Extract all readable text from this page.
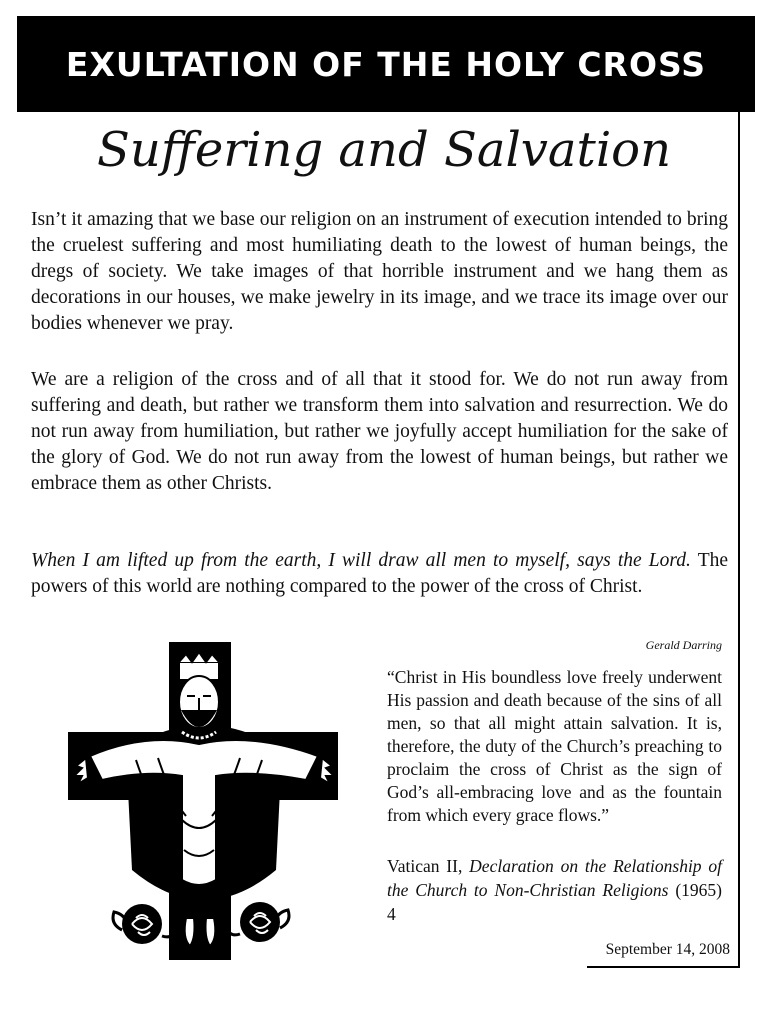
EXULTATION OF THE HOLY CROSS
Suffering and Salvation

Isn’t it amazing that we base our religion on an instrument of execution intended to bring the cruelest suffering and most humiliating death to the lowest of human beings, the dregs of society. We take images of that horrible instrument and we hang them as decorations in our houses, we make jewelry in its image, and we trace its image over our bodies whenever we pray.

We are a religion of the cross and of all that it stood for. We do not run away from suffering and death, but rather we transform them into salvation and resurrection. We do not run away from humiliation, but rather we joyfully accept humiliation for the sake of the glory of God. We do not run away from the lowest of human beings, but rather we embrace them as other Christs.

When I am lifted up from the earth, I will draw all men to myself, says the Lord. The powers of this world are nothing compared to the power of the cross of Christ.

Gerald Darring

“Christ in His boundless love freely underwent His passion and death because of the sins of all men, so that all might attain salvation. It is, therefore, the duty of the Church’s preaching to proclaim the cross of Christ as the sign of God’s all-embracing love and as the fountain from which every grace flows.”

Vatican II, Declaration on the Relationship of the Church to Non-Christian Religions (1965) 4

September 14, 2008
